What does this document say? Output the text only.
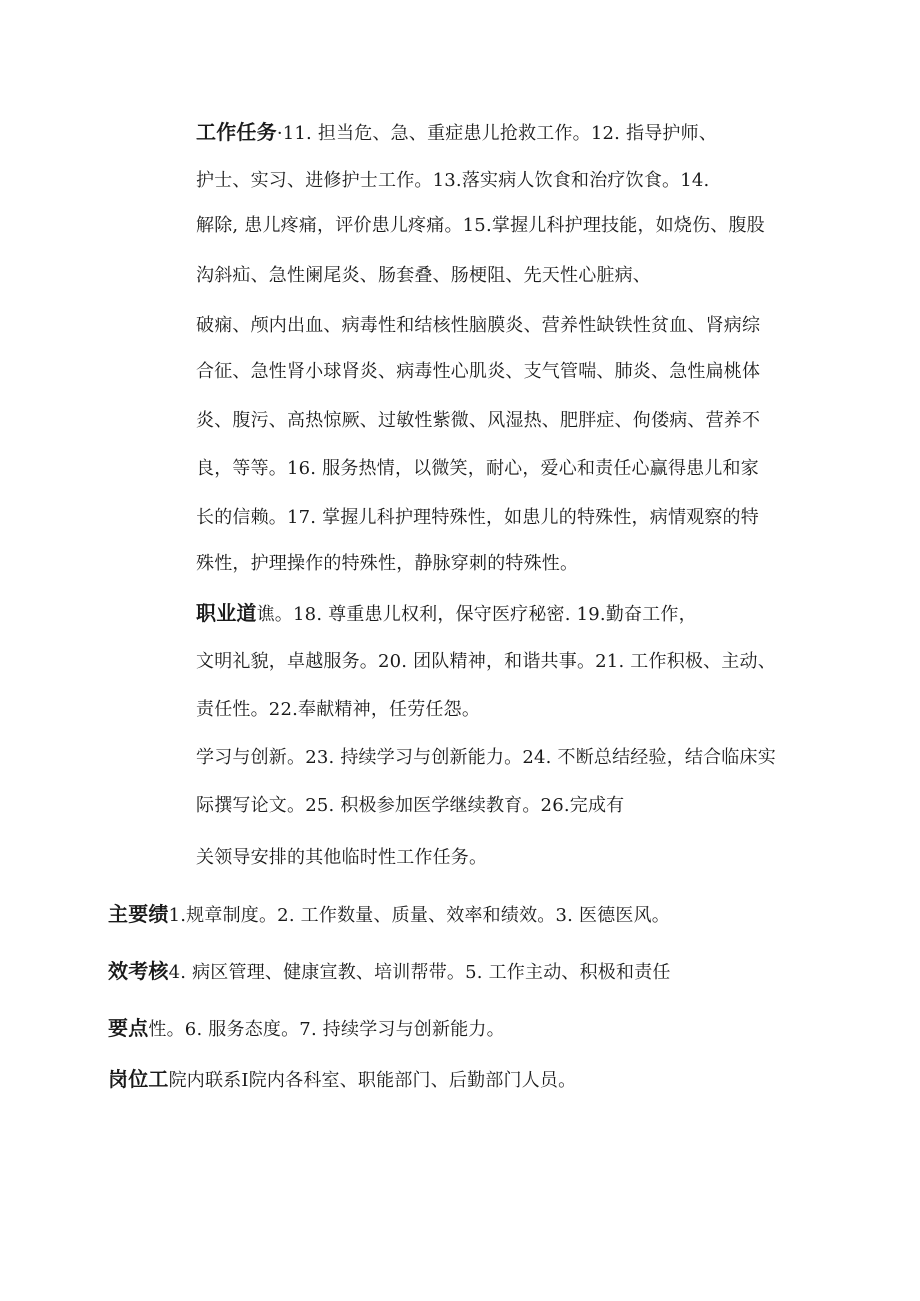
工作任务·11. 担当危、急、重症患儿抢救工作。12. 指导护师、
护士、实习、进修护士工作。13.落实病人饮食和治疗饮食。14.
解除, 患儿疼痛，评价患儿疼痛。15.掌握儿科护理技能，如烧伤、腹股
沟斜疝、急性阑尾炎、肠套叠、肠梗阻、先天性心脏病、
破痫、颅内出血、病毒性和结核性脑膜炎、营养性缺铁性贫血、肾病综
合征、急性肾小球肾炎、病毒性心肌炎、支气管喘、肺炎、急性扁桃体
炎、腹污、高热惊厥、过敏性紫微、风湿热、肥胖症、佝偻病、营养不
良，等等。16. 服务热情，以微笑，耐心，爱心和责任心赢得患儿和家
长的信赖。17. 掌握儿科护理特殊性，如患儿的特殊性，病情观察的特
殊性，护理操作的特殊性，静脉穿刺的特殊性。
职业道谯。18. 尊重患儿权利，保守医疗秘密. 19.勤奋工作，
文明礼貌，卓越服务。20. 团队精神，和谐共事。21. 工作积极、主动、
责任性。22.奉献精神，任劳任怨。
学习与创新。23. 持续学习与创新能力。24. 不断总结经验，结合临床实
际撰写论文。25. 积极参加医学继续教育。26.完成有
关领导安排的其他临时性工作任务。
主要绩1.规章制度。2. 工作数量、质量、效率和绩效。3. 医德医风。
效考核4. 病区管理、健康宣教、培训帮带。5. 工作主动、积极和责任
要点性。6. 服务态度。7. 持续学习与创新能力。
岗位工院内联系I院内各科室、职能部门、后勤部门人员。
